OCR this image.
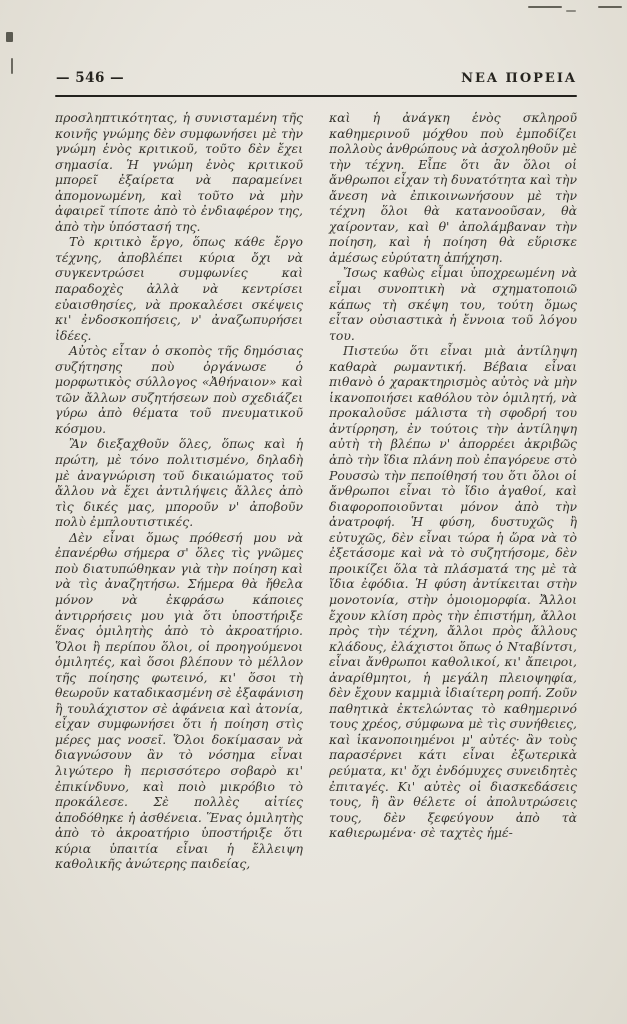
— 546 —	ΝΕΑ ΠΟΡΕΙΑ

προσληπτικότητας, ἡ συνισταμένη τῆς κοινῆς γνώμης δὲν συμφωνήσει μὲ τὴν γνώμη ἑνὸς κριτικοῦ, τοῦτο δὲν ἔχει σημασία. Ἡ γνώμη ἑνὸς κριτικοῦ μπορεῖ ἐξαίρετα νὰ παραμείνει ἀπομονωμένη, καὶ τοῦτο νὰ μὴν ἀφαιρεῖ τίποτε ἀπὸ τὸ ἐνδιαφέρον της, ἀπὸ τὴν ὑπόστασή της.

Τὸ κριτικὸ ἔργο, ὅπως κάθε ἔργο τέχνης, ἀποβλέπει κύρια ὄχι νὰ συγκεντρώσει συμφωνίες καὶ παραδοχὲς ἀλλὰ νὰ κεντρίσει εὐαισθησίες, νὰ προκαλέσει σκέψεις κι' ἐνδοσκοπήσεις, ν' ἀναζωπυρήσει ἰδέες.

Αὐτὸς εἶταν ὁ σκοπὸς τῆς δημόσιας συζήτησης ποὺ ὀργάνωσε ὁ μορφωτικὸς σύλλογος «Ἀθήναιον» καὶ τῶν ἄλλων συζητήσεων ποὺ σχεδιάζει γύρω ἀπὸ θέματα τοῦ πνευματικοῦ κόσμου.

Ἂν διεξαχθοῦν ὅλες, ὅπως καὶ ἡ πρώτη, μὲ τόνο πολιτισμένο, δηλαδὴ μὲ ἀναγνώριση τοῦ δικαιώματος τοῦ ἄλλου νὰ ἔχει ἀντιλήψεις ἄλλες ἀπὸ τὶς δικές μας, μποροῦν ν' ἀποβοῦν πολὺ ἐμπλουτιστικές.

Δὲν εἶναι ὅμως πρόθεσή μου νὰ ἐπανέρθω σήμερα σ' ὅλες τὶς γνῶμες ποὺ διατυπώθηκαν γιὰ τὴν ποίηση καὶ νὰ τὶς ἀναζητήσω. Σήμερα θὰ ἤθελα μόνον νὰ ἐκφράσω κάποιες ἀντιρρήσεις μου γιὰ ὅτι ὑποστήριξε ἕνας ὁμιλητὴς ἀπὸ τὸ ἀκροατήριο. Ὅλοι ἢ περίπου ὅλοι, οἱ προηγούμενοι ὁμιλητές, καὶ ὅσοι βλέπουν τὸ μέλλον τῆς ποίησης φωτεινό, κι' ὅσοι τὴ θεωροῦν καταδικασμένη σὲ ἐξαφάνιση ἢ τουλάχιστον σὲ ἀφάνεια καὶ ἀτονία, εἶχαν συμφωνήσει ὅτι ἡ ποίηση στὶς μέρες μας νοσεῖ. Ὅλοι δοκίμασαν νὰ διαγνώσουν ἂν τὸ νόσημα εἶναι λιγώτερο ἢ περισσότερο σοβαρὸ κι' ἐπικίνδυνο, καὶ ποιὸ μικρόβιο τὸ προκάλεσε. Σὲ πολλὲς αἰτίες ἀποδόθηκε ἡ ἀσθένεια. Ἕνας ὁμιλητὴς ἀπὸ τὸ ἀκροατήριο ὑποστήριξε ὅτι κύρια ὑπαιτία εἶναι ἡ ἔλλειψη καθολικῆς ἀνώτερης παιδείας,

καὶ ἡ ἀνάγκη ἑνὸς σκληροῦ καθημερινοῦ μόχθου ποὺ ἐμποδίζει πολλοὺς ἀνθρώπους νὰ ἀσχοληθοῦν μὲ τὴν τέχνη. Εἶπε ὅτι ἂν ὅλοι οἱ ἄνθρωποι εἶχαν τὴ δυνατότητα καὶ τὴν ἄνεση νὰ ἐπικοινωνήσουν μὲ τὴν τέχνη ὅλοι θὰ κατανοοῦσαν, θὰ χαίρονταν, καὶ θ' ἀπολάμβαναν τὴν ποίηση, καὶ ἡ ποίηση θὰ εὕρισκε ἀμέσως εὐρύτατη ἀπήχηση.

Ἴσως καθὼς εἶμαι ὑποχρεωμένη νὰ εἶμαι συνοπτικὴ νὰ σχηματοποιῶ κάπως τὴ σκέψη του, τούτη ὅμως εἶταν οὐσιαστικὰ ἡ ἔννοια τοῦ λόγου του.

Πιστεύω ὅτι εἶναι μιὰ ἀντίληψη καθαρὰ ρωμαντική. Βέβαια εἶναι πιθανὸ ὁ χαρακτηρισμὸς αὐτὸς νὰ μὴν ἱκανοποιήσει καθόλου τὸν ὁμιλητή, νὰ προκαλοῦσε μάλιστα τὴ σφοδρή του ἀντίρρηση, ἐν τούτοις τὴν ἀντίληψη αὐτὴ τὴ βλέπω ν' ἀπορρέει ἀκριβῶς ἀπὸ τὴν ἴδια πλάνη ποὺ ἐπαγόρευε στὸ Ρουσσὼ τὴν πεποίθησή του ὅτι ὅλοι οἱ ἄνθρωποι εἶναι τὸ ἴδιο ἀγαθοί, καὶ διαφοροποιοῦνται μόνον ἀπὸ τὴν ἀνατροφή. Ἡ φύση, δυστυχῶς ἢ εὐτυχῶς, δὲν εἶναι τώρα ἡ ὥρα νὰ τὸ ἐξετάσομε καὶ νὰ τὸ συζητήσομε, δὲν προικίζει ὅλα τὰ πλάσματά της μὲ τὰ ἴδια ἐφόδια. Ἡ φύση ἀντίκειται στὴν μονοτονία, στὴν ὁμοιομορφία. Ἄλλοι ἔχουν κλίση πρὸς τὴν ἐπιστήμη, ἄλλοι πρὸς τὴν τέχνη, ἄλλοι πρὸς ἄλλους κλάδους, ἐλάχιστοι ὅπως ὁ Νταβίντσι, εἶναι ἄνθρωποι καθολικοί, κι' ἄπειροι, ἀναρίθμητοι, ἡ μεγάλη πλειοψηφία, δὲν ἔχουν καμμιὰ ἰδιαίτερη ροπή. Ζοῦν παθητικὰ ἐκτελώντας τὸ καθημερινό τους χρέος, σύμφωνα μὲ τὶς συνήθειες, καὶ ἱκανοποιημένοι μ' αὐτές· ἂν τοὺς παρασέρνει κάτι εἶναι ἐξωτερικὰ ρεύματα, κι' ὄχι ἐνδόμυχες συνειδητὲς ἐπιταγές. Κι' αὐτὲς οἱ διασκεδάσεις τους, ἢ ἂν θέλετε οἱ ἀπολυτρώσεις τους, δὲν ξεφεύγουν ἀπὸ τὰ καθιερωμένα· σὲ ταχτὲς ἡμέ-
